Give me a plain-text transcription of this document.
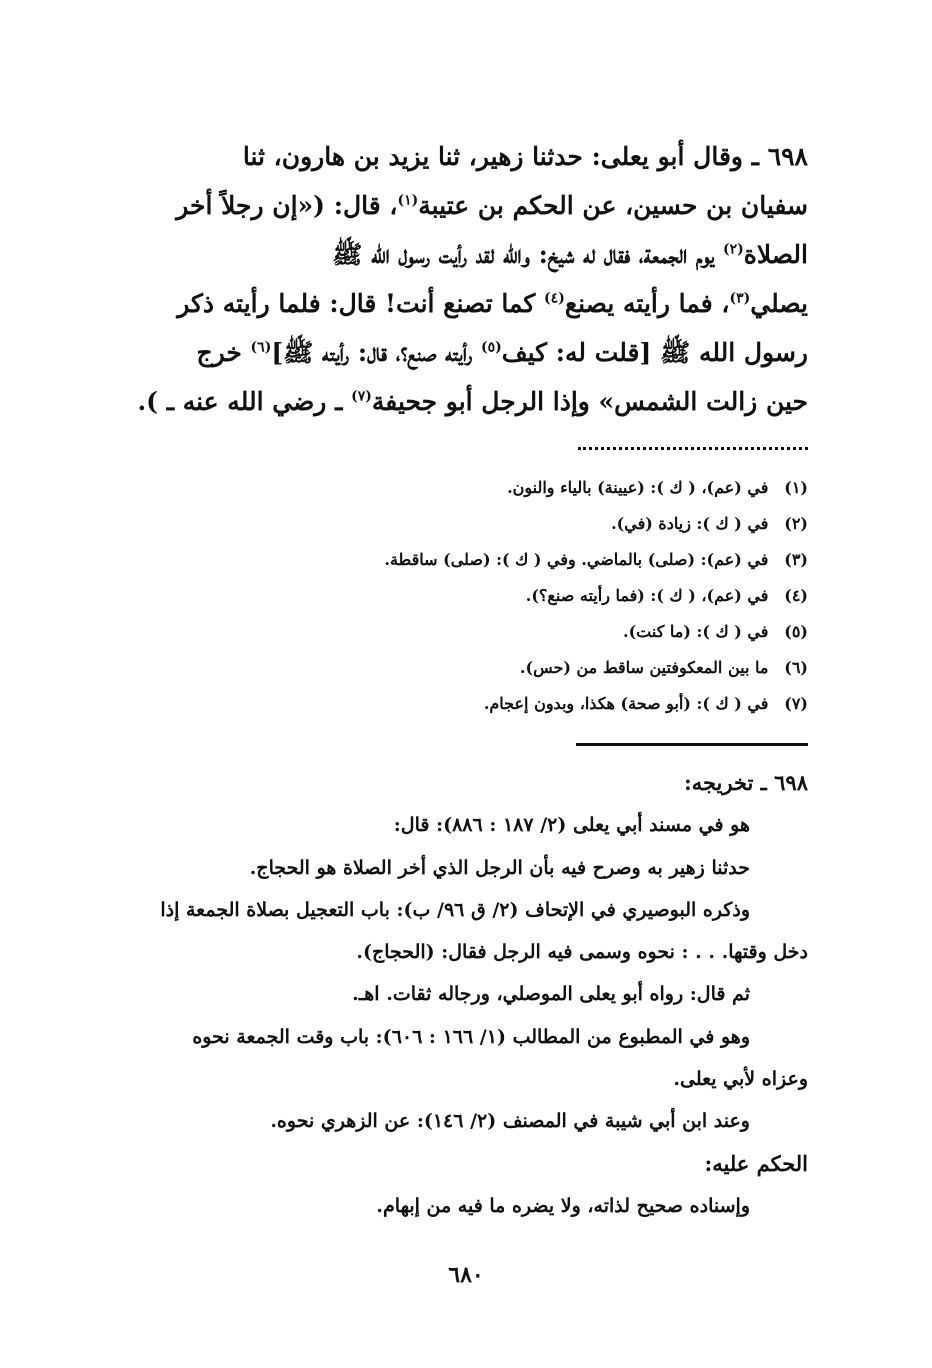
٦٩٨ ـ وقال أبو يعلى: حدثنا زهير، ثنا يزيد بن هارون، ثنا
سفيان بن حسين، عن الحكم بن عتيبة$^{(١)}$، قال: («إن رجلاً أخر
الصلاة$^{(٢)}$ يوم الجمعة، فقال له شيخ: والله لقد رأيت رسول الله ﷺ
يصلي$^{(٣)}$، فما رأيته يصنع$^{(٤)}$ كما تصنع أنت! قال: فلما رأيته ذكر
رسول الله ﷺ [قلت له: كيف$^{(٥)}$ رأيته صنع؟، قال: رأيته ﷺ]$^{(٦)}$ خرج
حين زالت الشمس» وإذا الرجل أبو جحيفة$^{(٧)}$ ـ رضي الله عنه ـ ).
(١) في (عم)، ( ك ): (عيينة) بالياء والنون.
(٢) في ( ك ): زيادة (في).
(٣) في (عم): (صلى) بالماضي. وفي ( ك ): (صلى) ساقطة.
(٤) في (عم)، ( ك ): (فما رأيته صنع؟).
(٥) في ( ك ): (ما كنت).
(٦) ما بين المعكوفتين ساقط من (حس).
(٧) في ( ك ): (أبو صحة) هكذا، وبدون إعجام.
٦٩٨ ـ تخريجه:
هو في مسند أبي يعلى (٢/ ١٨٧ : ٨٨٦): قال:
حدثنا زهير به وصرح فيه بأن الرجل الذي أخر الصلاة هو الحجاج.
وذكره البوصيري في الإتحاف (٢/ ق ٩٦/ ب): باب التعجيل بصلاة الجمعة إذا
دخل وقتها. . . : نحوه وسمى فيه الرجل فقال: (الحجاج).
ثم قال: رواه أبو يعلى الموصلي، ورجاله ثقات. اهـ.
وهو في المطبوع من المطالب (١/ ١٦٦ : ٦٠٦): باب وقت الجمعة نحوه
وعزاه لأبي يعلى.
وعند ابن أبي شيبة في المصنف (٢/ ١٤٦): عن الزهري نحوه.
الحكم عليه:
وإسناده صحيح لذاته، ولا يضره ما فيه من إبهام.
٦٨٠
